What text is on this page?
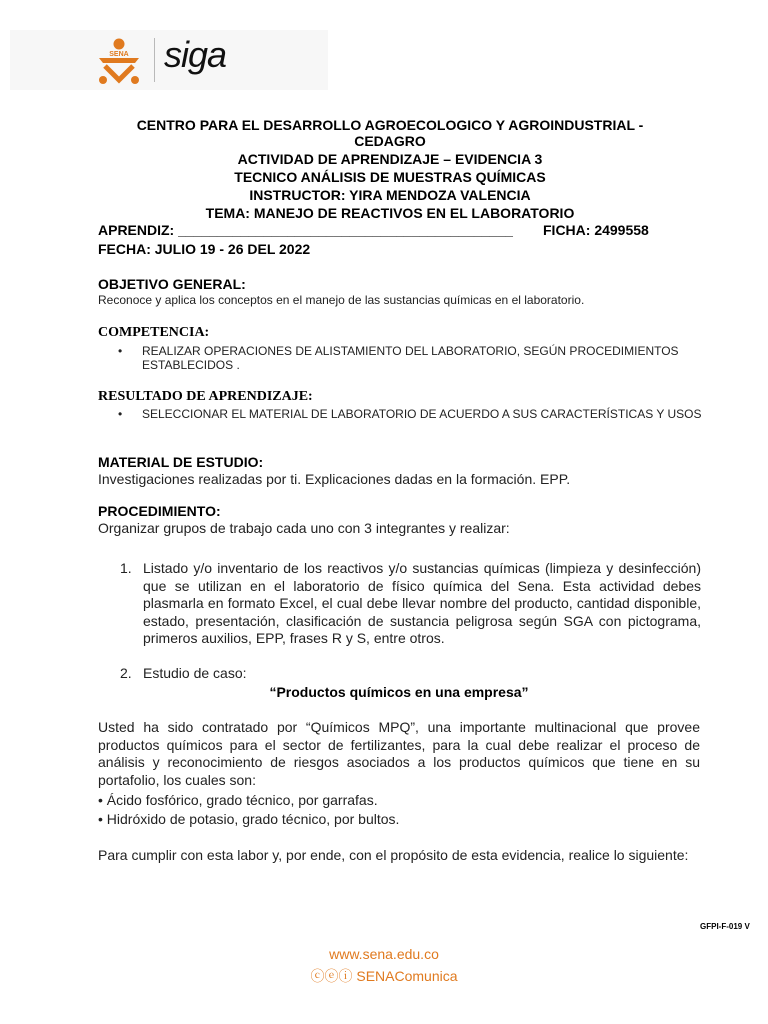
SENA siga
CENTRO PARA EL DESARROLLO AGROECOLOGICO Y AGROINDUSTRIAL -
CEDAGRO
ACTIVIDAD DE APRENDIZAJE – EVIDENCIA 3
TECNICO ANÁLISIS DE MUESTRAS QUÍMICAS
INSTRUCTOR: YIRA MENDOZA VALENCIA
TEMA: MANEJO DE REACTIVOS EN EL LABORATORIO
APRENDIZ: ___________________________________________ FICHA: 2499558
FECHA: JULIO 19 - 26 DEL 2022
OBJETIVO GENERAL:
Reconoce y aplica los conceptos en el manejo de las sustancias químicas en el laboratorio.
COMPETENCIA:
• REALIZAR OPERACIONES DE ALISTAMIENTO DEL LABORATORIO, SEGÚN PROCEDIMIENTOS ESTABLECIDOS .
RESULTADO DE APRENDIZAJE:
• SELECCIONAR EL MATERIAL DE LABORATORIO DE ACUERDO A SUS CARACTERÍSTICAS Y USOS
MATERIAL DE ESTUDIO:
Investigaciones realizadas por ti. Explicaciones dadas en la formación. EPP.
PROCEDIMIENTO:
Organizar grupos de trabajo cada uno con 3 integrantes y realizar:
1. Listado y/o inventario de los reactivos y/o sustancias químicas (limpieza y desinfección) que se utilizan en el laboratorio de físico química del Sena. Esta actividad debes plasmarla en formato Excel, el cual debe llevar nombre del producto, cantidad disponible, estado, presentación, clasificación de sustancia peligrosa según SGA con pictograma, primeros auxilios, EPP, frases R y S, entre otros.
2. Estudio de caso:
“Productos químicos en una empresa”
Usted ha sido contratado por “Químicos MPQ”, una importante multinacional que provee productos químicos para el sector de fertilizantes, para la cual debe realizar el proceso de análisis y reconocimiento de riesgos asociados a los productos químicos que tiene en su portafolio, los cuales son:
• Ácido fosfórico, grado técnico, por garrafas.
• Hidróxido de potasio, grado técnico, por bultos.
Para cumplir con esta labor y, por ende, con el propósito de esta evidencia, realice lo siguiente:
GFPI-F-019 V
www.sena.edu.co
ⓒⓔⓘ SENAComunica
